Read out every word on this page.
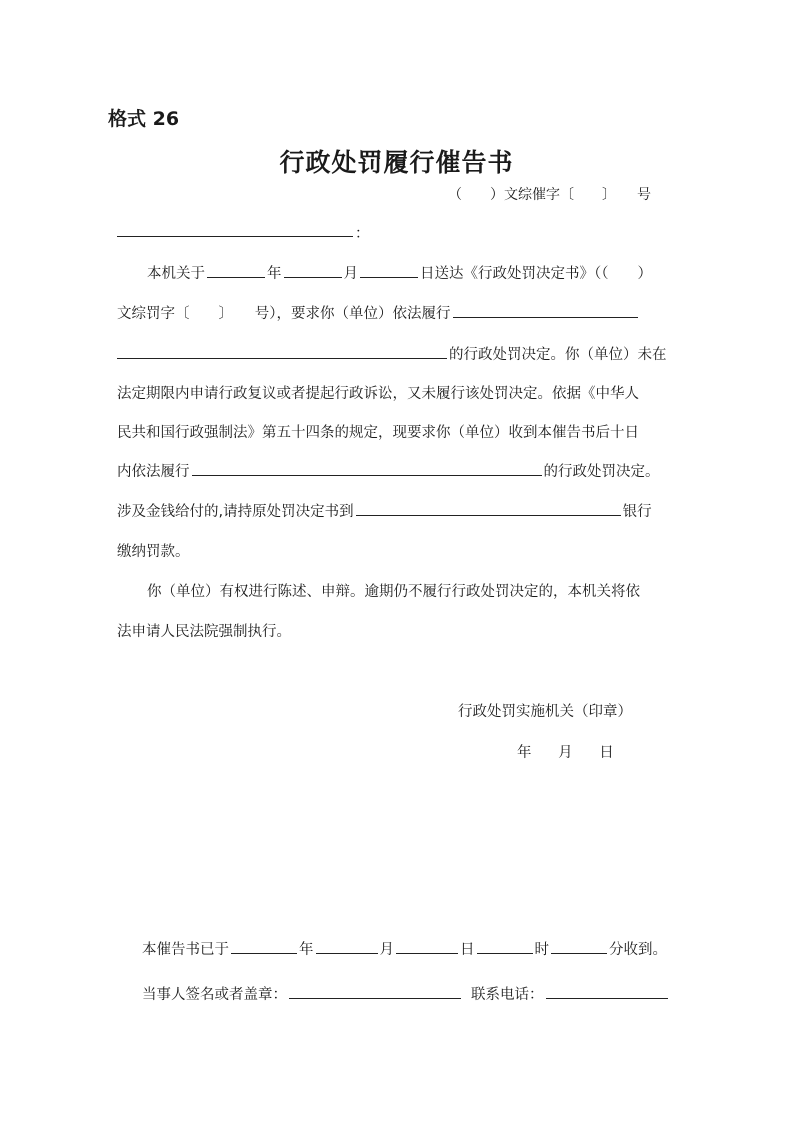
格式 26
行政处罚履行催告书
（　　）文综催字〔　　〕　　号
：
本机关于	年	月	日送达《行政处罚决定书》（（　　）
文综罚字〔　　〕　　号），要求你（单位）依法履行
的行政处罚决定。你（单位）未在
法定期限内申请行政复议或者提起行政诉讼，又未履行该处罚决定。依据《中华人
民共和国行政强制法》第五十四条的规定，现要求你（单位）收到本催告书后十日
内依法履行	的行政处罚决定。
涉及金钱给付的,请持原处罚决定书到	银行
缴纳罚款。
你（单位）有权进行陈述、申辩。逾期仍不履行行政处罚决定的，本机关将依
法申请人民法院强制执行。
行政处罚实施机关（印章）
年 月 日
本催告书已于	年	月	日	时	分收到。
当事人签名或者盖章：	联系电话：
